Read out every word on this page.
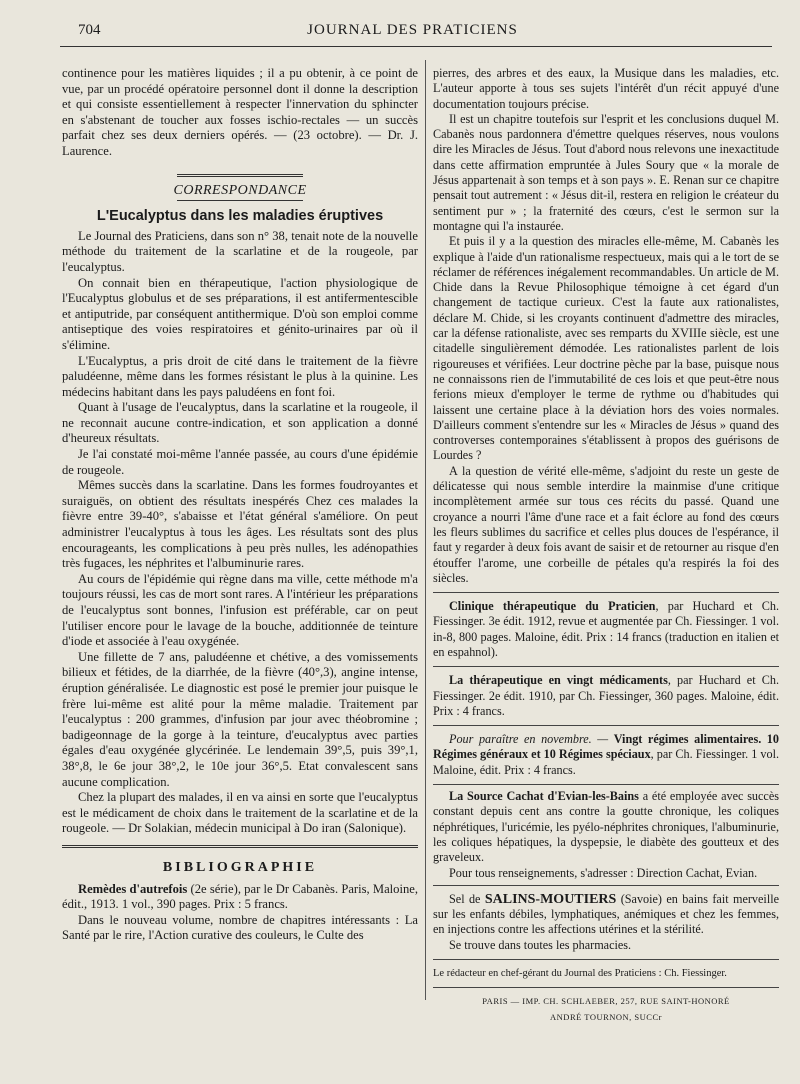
704	JOURNAL DES PRATICIENS

continence pour les matières liquides ; il a pu obtenir, à ce point de vue, par un procédé opératoire personnel dont il donne la description et qui consiste essentiellement à respecter l'innervation du sphincter en s'abstenant de toucher aux fosses ischio-rectales — un succès parfait chez ses deux derniers opérés. — (23 octobre). — Dr. J. Laurence.

CORRESPONDANCE
L'Eucalyptus dans les maladies éruptives

Le Journal des Praticiens, dans son n° 38, tenait note de la nouvelle méthode du traitement de la scarlatine et de la rougeole, par l'eucalyptus.

On connait bien en thérapeutique, l'action physiologique de l'Eucalyptus globulus et de ses préparations, il est antifermentescible et antiputride, par conséquent antithermique. D'où son emploi comme antiseptique des voies respiratoires et génito-urinaires par où il s'élimine.

L'Eucalyptus, a pris droit de cité dans le traitement de la fièvre paludéenne, même dans les formes résistant le plus à la quinine. Les médecins habitant dans les pays paludéens en font foi.

Quant à l'usage de l'eucalyptus, dans la scarlatine et la rougeole, il ne reconnait aucune contre-indication, et son application a donné d'heureux résultats.

Je l'ai constaté moi-même l'année passée, au cours d'une épidémie de rougeole.

Mêmes succès dans la scarlatine. Dans les formes foudroyantes et suraiguës, on obtient des résultats inespérés Chez ces malades la fièvre entre 39-40°, s'abaisse et l'état général s'améliore. On peut administrer l'eucalyptus à tous les âges. Les résultats sont des plus encourageants, les complications à peu près nulles, les adénopathies très fugaces, les néphrites et l'albuminurie rares.

Au cours de l'épidémie qui règne dans ma ville, cette méthode m'a toujours réussi, les cas de mort sont rares. A l'intérieur les préparations de l'eucalyptus sont bonnes, l'infusion est préférable, car on peut l'utiliser encore pour le lavage de la bouche, additionnée de teinture d'iode et associée à l'eau oxygénée.

Une fillette de 7 ans, paludéenne et chétive, a des vomissements bilieux et fétides, de la diarrhée, de la fièvre (40°,3), angine intense, éruption généralisée. Le diagnostic est posé le premier jour puisque le frère lui-même est alité pour la même maladie. Traitement par l'eucalyptus : 200 grammes, d'infusion par jour avec théobromine ; badigeonnage de la gorge à la teinture, d'eucalyptus avec parties égales d'eau oxygénée glycérinée. Le lendemain 39°,5, puis 39°,1, 38°,8, le 6e jour 38°,2, le 10e jour 36°,5. Etat convalescent sans aucune complication.

Chez la plupart des malades, il en va ainsi en sorte que l'eucalyptus est le médicament de choix dans le traitement de la scarlatine et de la rougeole. — Dr Solakian, médecin municipal à Do iran (Salonique).

BIBLIOGRAPHIE

Remèdes d'autrefois (2e série), par le Dr Cabanès. Paris, Maloine, édit., 1913. 1 vol., 390 pages. Prix : 5 francs.

Dans le nouveau volume, nombre de chapitres intéressants : La Santé par le rire, l'Action curative des couleurs, le Culte des

pierres, des arbres et des eaux, la Musique dans les maladies, etc. L'auteur apporte à tous ses sujets l'intérêt d'un récit appuyé d'une documentation toujours précise.

Il est un chapitre toutefois sur l'esprit et les conclusions duquel M. Cabanès nous pardonnera d'émettre quelques réserves, nous voulons dire les Miracles de Jésus. Tout d'abord nous relevons une inexactitude dans cette affirmation empruntée à Jules Soury que « la morale de Jésus appartenait à son temps et à son pays ». E. Renan sur ce chapitre pensait tout autrement : « Jésus dit-il, restera en religion le créateur du sentiment pur » ; la fraternité des cœurs, c'est le sermon sur la montagne qui l'a instaurée.

Et puis il y a la question des miracles elle-même, M. Cabanès les explique à l'aide d'un rationalisme respectueux, mais qui a le tort de se réclamer de références inégalement recommandables. Un article de M. Chide dans la Revue Philosophique témoigne à cet égard d'un changement de tactique curieux. C'est la faute aux rationalistes, déclare M. Chide, si les croyants continuent d'admettre des miracles, car la défense rationaliste, avec ses remparts du XVIIIe siècle, est une citadelle singulièrement démodée. Les rationalistes parlent de lois rigoureuses et vérifiées. Leur doctrine pèche par la base, puisque nous ne connaissons rien de l'immutabilité de ces lois et que peut-être nous ferions mieux d'employer le terme de rythme ou d'habitudes qui laissent une certaine place à la déviation hors des voies normales. D'ailleurs comment s'entendre sur les « Miracles de Jésus » quand des controverses contemporaines s'établissent à propos des guérisons de Lourdes ?

A la question de vérité elle-même, s'adjoint du reste un geste de délicatesse qui nous semble interdire la mainmise d'une critique incomplètement armée sur tous ces récits du passé. Quand une croyance a nourri l'âme d'une race et a fait éclore au fond des cœurs les fleurs sublimes du sacrifice et celles plus douces de l'espérance, il faut y regarder à deux fois avant de saisir et de retourner au risque d'en étouffer l'arome, une corbeille de pétales qu'a respirés la foi des siècles.

Clinique thérapeutique du Praticien, par Huchard et Ch. Fiessinger. 3e édit. 1912, revue et augmentée par Ch. Fiessinger. 1 vol. in-8, 800 pages. Maloine, édit. Prix : 14 francs (traduction en italien et en espahnol).

La thérapeutique en vingt médicaments, par Huchard et Ch. Fiessinger. 2e édit. 1910, par Ch. Fiessinger, 360 pages. Maloine, édit. Prix : 4 francs.

Pour paraître en novembre. — Vingt régimes alimentaires. 10 Régimes généraux et 10 Régimes spéciaux, par Ch. Fiessinger. 1 vol. Maloine, édit. Prix : 4 francs.

La Source Cachat d'Evian-les-Bains a été employée avec succès constant depuis cent ans contre la goutte chronique, les coliques néphrétiques, l'uricémie, les pyélo-néphrites chroniques, l'albuminurie, les coliques hépatiques, la dyspepsie, le diabète des goutteux et des graveleux.

Pour tous renseignements, s'adresser : Direction Cachat, Evian.

Sel de SALINS-MOUTIERS (Savoie) en bains fait merveille sur les enfants débiles, lymphatiques, anémiques et chez les femmes, en injections contre les affections utérines et la stérilité.

Se trouve dans toutes les pharmacies.

Le rédacteur en chef-gérant du Journal des Praticiens : Ch. Fiessinger.
PARIS — IMP. CH. SCHLAEBER, 257, RUE SAINT-HONORÉ
ANDRÉ TOURNON, SUCCr
